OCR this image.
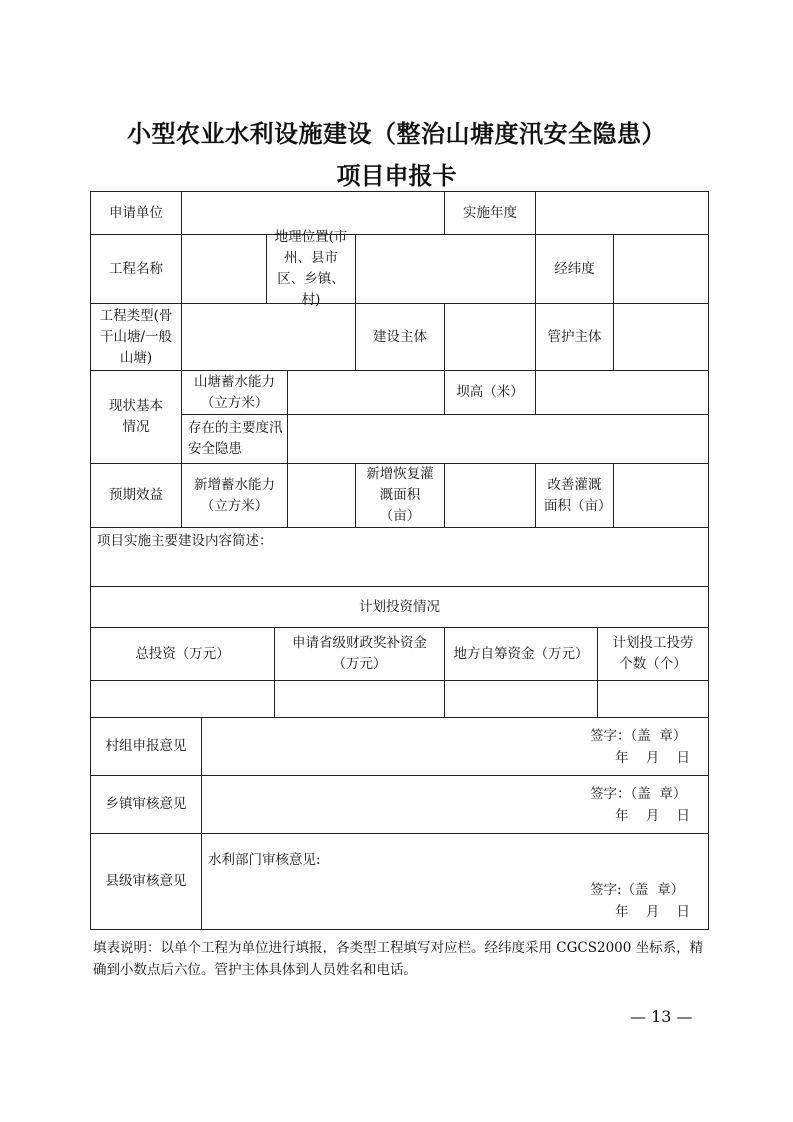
小型农业水利设施建设（整治山塘度汛安全隐患）
项目申报卡
申请单位	实施年度
工程名称
地理位置(市州、县市区、乡镇、村)
经纬度
工程类型(骨干山塘/一般山塘)
建设主体	管护主体
现状基本情况
山塘蓄水能力（立方米）
坝高（米）
存在的主要度汛安全隐患
预期效益
新增蓄水能力（立方米）
新增恢复灌溉面积（亩）
改善灌溉面积（亩）
项目实施主要建设内容简述：
计划投资情况
总投资（万元）
申请省级财政奖补资金（万元）
地方自筹资金（万元）
计划投工投劳个数（个）
村组申报意见
签字：（盖  章）
年    月    日
乡镇审核意见
签字：（盖  章）
年    月    日
县级审核意见
水利部门审核意见:
签字:（盖  章）
年    月    日
填表说明：以单个工程为单位进行填报，各类型工程填写对应栏。经纬度采用 CGCS2000 坐标系，精确到小数点后六位。管护主体具体到人员姓名和电话。
— 13 —
